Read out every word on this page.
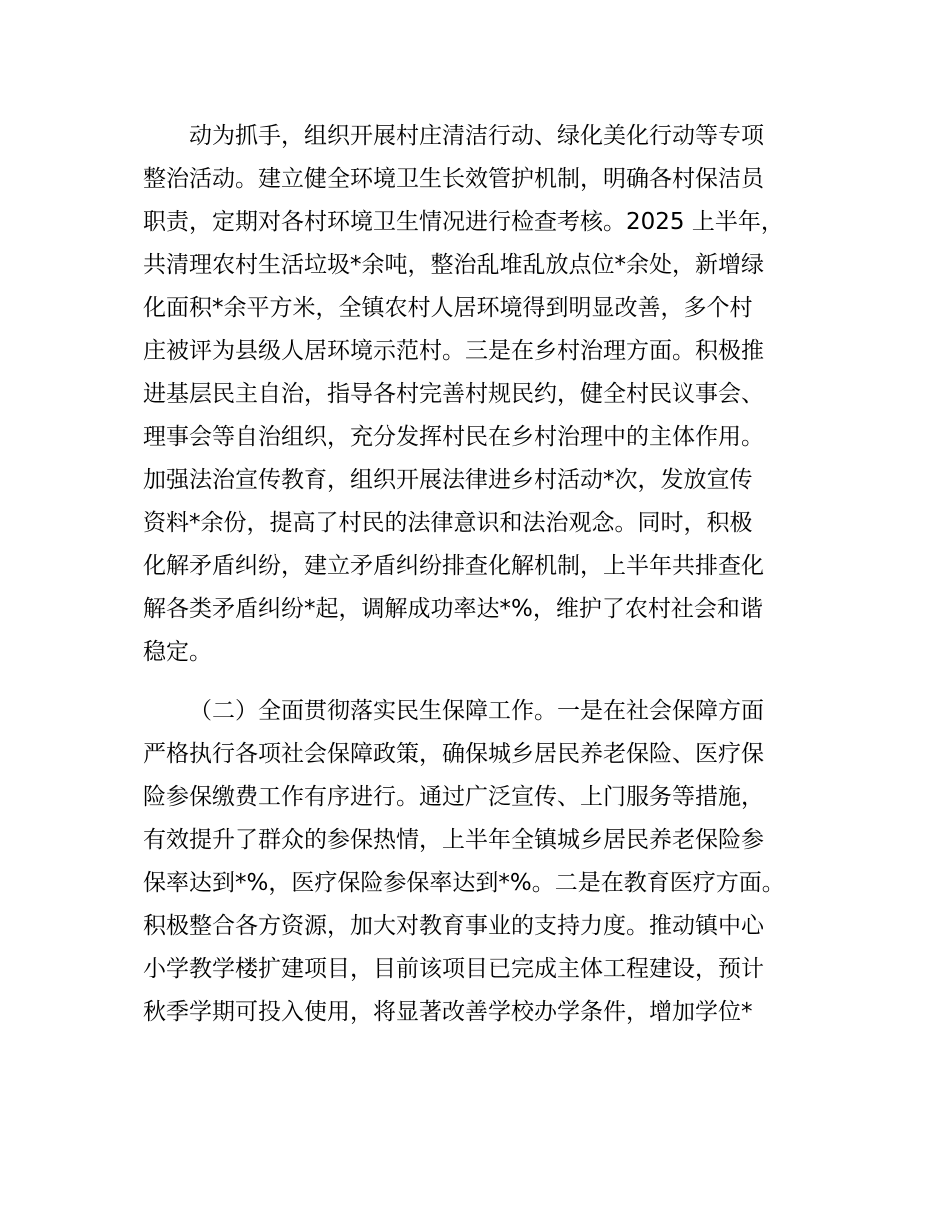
动为抓手，组织开展村庄清洁行动、绿化美化行动等专项
整治活动。建立健全环境卫生长效管护机制，明确各村保洁员
职责，定期对各村环境卫生情况进行检查考核。2025 上半年，
共清理农村生活垃圾*余吨，整治乱堆乱放点位*余处，新增绿
化面积*余平方米，全镇农村人居环境得到明显改善，多个村
庄被评为县级人居环境示范村。三是在乡村治理方面。积极推
进基层民主自治，指导各村完善村规民约，健全村民议事会、
理事会等自治组织，充分发挥村民在乡村治理中的主体作用。
加强法治宣传教育，组织开展法律进乡村活动*次，发放宣传
资料*余份，提高了村民的法律意识和法治观念。同时，积极
化解矛盾纠纷，建立矛盾纠纷排查化解机制，上半年共排查化
解各类矛盾纠纷*起，调解成功率达*%，维护了农村社会和谐
稳定。
（二）全面贯彻落实民生保障工作。一是在社会保障方面
严格执行各项社会保障政策，确保城乡居民养老保险、医疗保
险参保缴费工作有序进行。通过广泛宣传、上门服务等措施，
有效提升了群众的参保热情，上半年全镇城乡居民养老保险参
保率达到*%，医疗保险参保率达到*%。二是在教育医疗方面。
积极整合各方资源，加大对教育事业的支持力度。推动镇中心
小学教学楼扩建项目，目前该项目已完成主体工程建设，预计
秋季学期可投入使用，将显著改善学校办学条件，增加学位*
